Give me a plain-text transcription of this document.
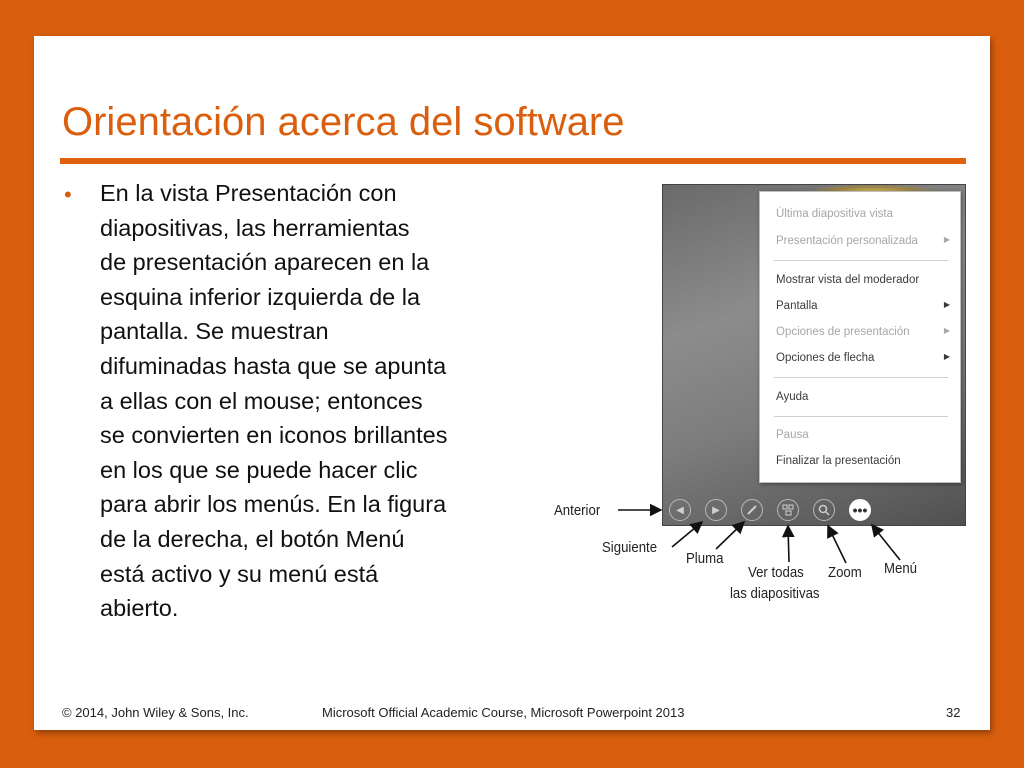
Orientación acerca del software
• En la vista Presentación con
diapositivas, las herramientas
de presentación aparecen en la
esquina inferior izquierda de la
pantalla. Se muestran
difuminadas hasta que se apunta
a ellas con el mouse; entonces
se convierten en iconos brillantes
en los que se puede hacer clic
para abrir los menús. En la figura
de la derecha, el botón Menú
está activo y su menú está
abierto.
Última diapositiva vista
Presentación personalizada	▶
Mostrar vista del moderador
Pantalla	▶
Opciones de presentación	▶
Opciones de flecha	▶
Ayuda
Pausa
Finalizar la presentación
◀	▶	•••
Anterior
Siguiente
Pluma
Ver todas
las diapositivas
Zoom Menú
© 2014, John Wiley & Sons, Inc.	Microsoft Official Academic Course, Microsoft Powerpoint 2013	32
